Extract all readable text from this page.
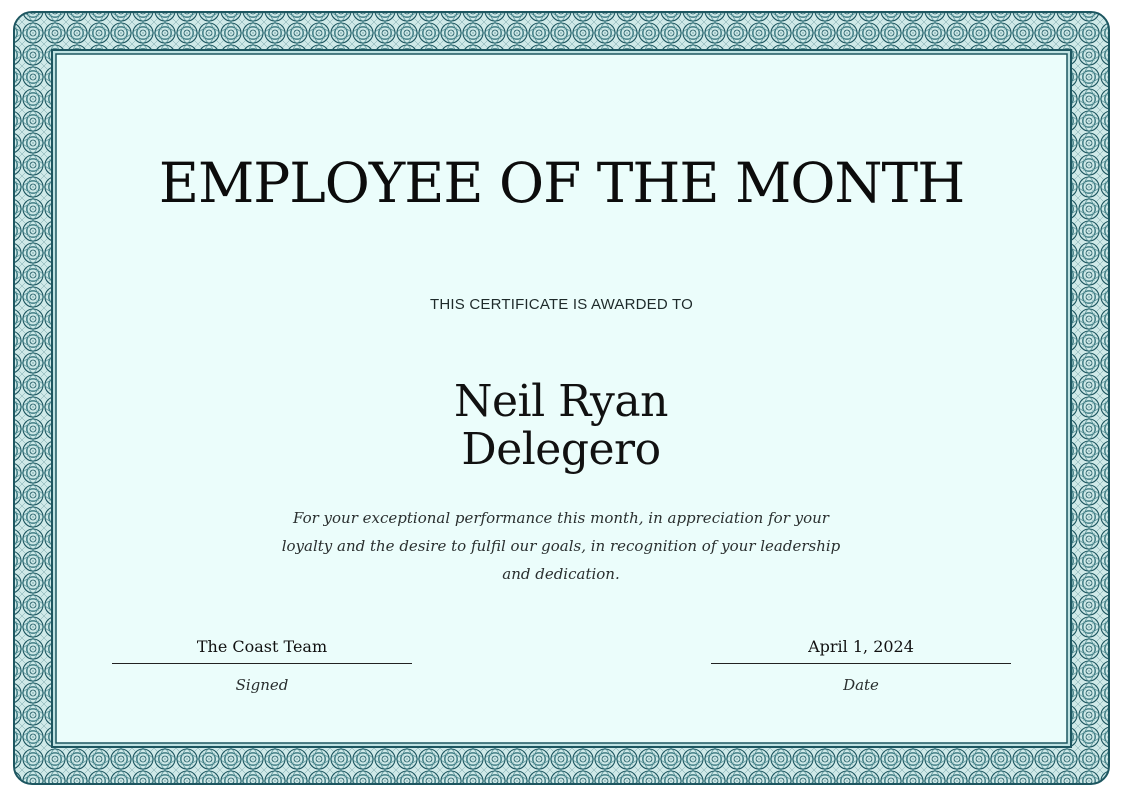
EMPLOYEE OF THE MONTH
THIS CERTIFICATE IS AWARDED TO
Neil Ryan
Delegero
For your exceptional performance this month, in appreciation for your loyalty and the desire to fulfil our goals, in recognition of your leadership and dedication.
The Coast Team
Signed
April 1, 2024
Date
